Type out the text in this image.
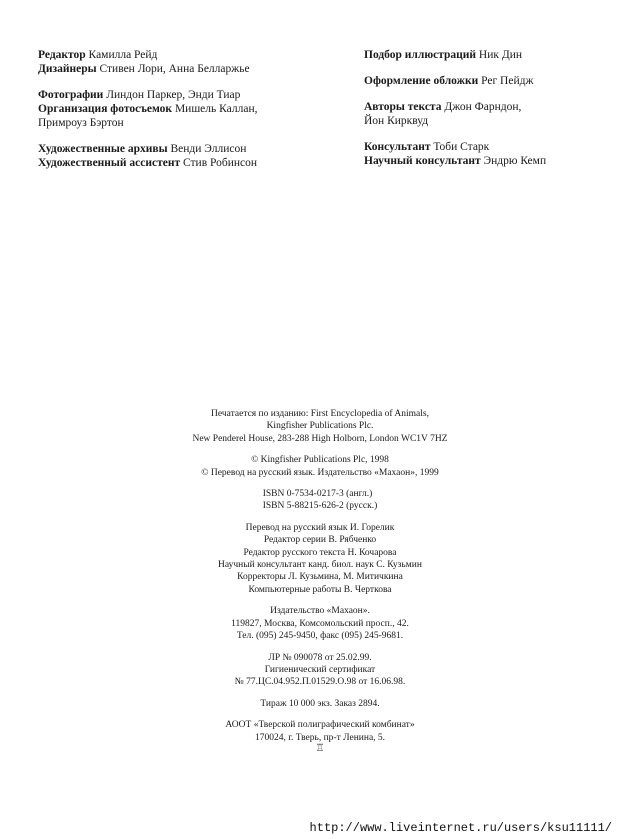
Редактор Камилла Рейд
Дизайнеры Стивен Лори, Анна Белларжье
Фотографии Линдон Паркер, Энди Тиар
Организация фотосъемок Мишель Каллан,
Примроуз Бэртон
Художественные архивы Венди Эллисон
Художественный ассистент Стив Робинсон
Подбор иллюстраций Ник Дин
Оформление обложки Рег Пейдж
Авторы текста Джон Фарндон,
Йон Кирквуд
Консультант Тоби Старк
Научный консультант Эндрю Кемп
Печатается по изданию: First Encyclopedia of Animals,
Kingfisher Publications Plc.
New Penderel House, 283-288 High Holborn, London WC1V 7HZ
© Kingfisher Publications Plc, 1998
© Перевод на русский язык. Издательство «Махаон», 1999
ISBN 0-7534-0217-3 (англ.)
ISBN 5-88215-626-2 (русск.)
Перевод на русский язык И. Горелик
Редактор серии В. Рябченко
Редактор русского текста Н. Кочарова
Научный консультант канд. биол. наук С. Кузьмин
Корректоры Л. Кузьмина, М. Митичкина
Компьютерные работы В. Черткова
Издательство «Махаон».
119827, Москва, Комсомольский просп., 42.
Тел. (095) 245-9450, факс (095) 245-9681.
ЛР № 090078 от 25.02.99.
Гигиенический сертификат
№ 77.ЦС.04.952.П.01529.О.98 от 16.06.98.
Тираж 10 000 экз. Заказ 2894.
АООТ «Тверской полиграфический комбинат»
170024, г. Тверь, пр-т Ленина, 5.
♖
http://www.liveinternet.ru/users/ksu11111/
